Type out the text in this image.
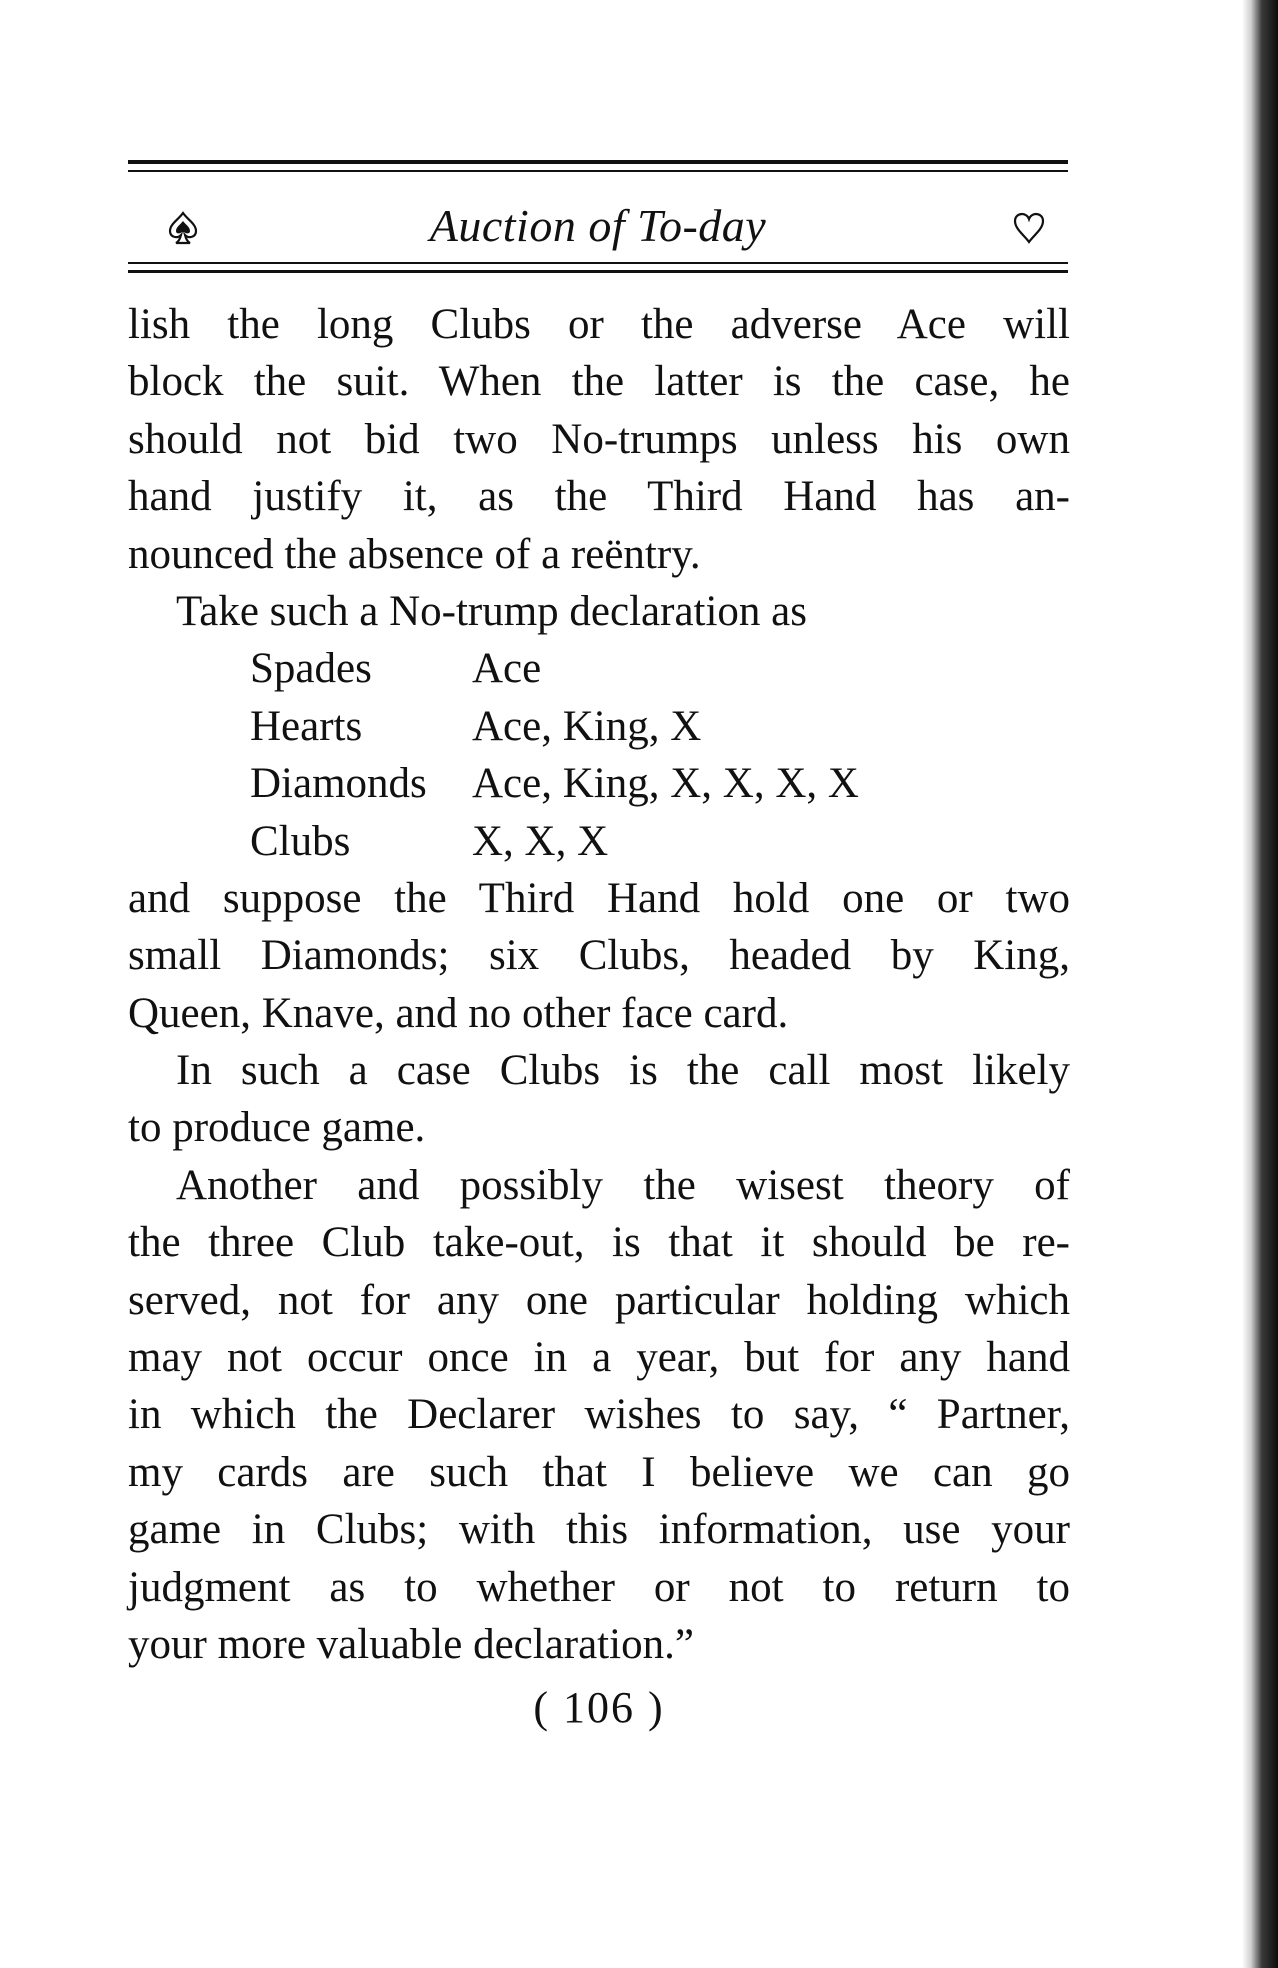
Auction of To-day
lish the long Clubs or the adverse Ace will
block the suit. When the latter is the case, he
should not bid two No-trumps unless his own
hand justify it, as the Third Hand has an-
nounced the absence of a reëntry.
Take such a No-trump declaration as
Spades Ace
Hearts	Ace, King, X
Diamonds Ace, King, X, X, X, X
Clubs	X, X, X
and suppose the Third Hand hold one or two
small Diamonds; six Clubs, headed by King,
Queen, Knave, and no other face card.
In such a case Clubs is the call most likely
to produce game.
Another and possibly the wisest theory of
the three Club take-out, is that it should be re-
served, not for any one particular holding which
may not occur once in a year, but for any hand
in which the Declarer wishes to say, “ Partner,
my cards are such that I believe we can go
game in Clubs; with this information, use your
judgment as to whether or not to return to
your more valuable declaration.”
( 106 )
